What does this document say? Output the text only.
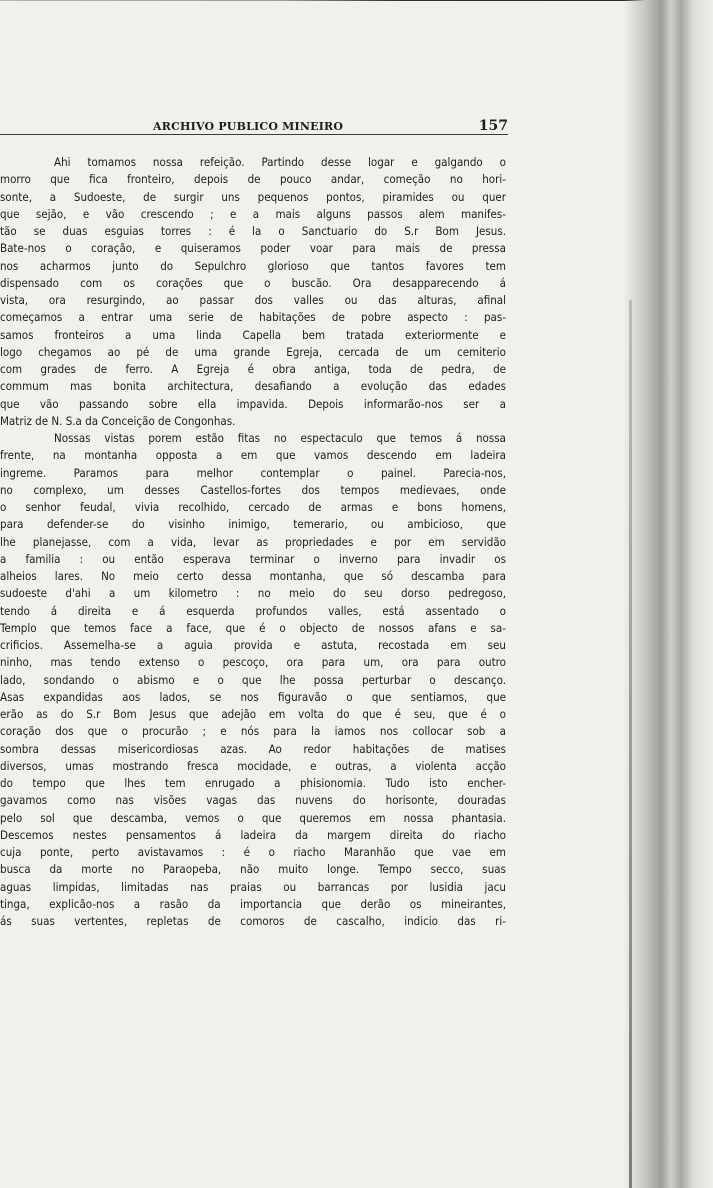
ARCHIVO PUBLICO MINEIRO	157
Ahi tomamos nossa refeição. Partindo desse logar e galgando o
morro que fica fronteiro, depois de pouco andar, começão no hori-
sonte, a Sudoeste, de surgir uns pequenos pontos, piramides ou quer
que sejão, e vão crescendo ; e a mais alguns passos alem manifes-
tão se duas esguias torres : é la o Sanctuario do S.r Bom Jesus.
Bate-nos o coração, e quiseramos poder voar para mais de pressa
nos acharmos junto do Sepulchro glorioso que tantos favores tem
dispensado com os corações que o buscão. Ora desapparecendo á
vista, ora resurgindo, ao passar dos valles ou das alturas, afinal
começamos a entrar uma serie de habitações de pobre aspecto : pas-
samos fronteiros a uma linda Capella bem tratada exteriormente e
logo chegamos ao pé de uma grande Egreja, cercada de um cemiterio
com grades de ferro. A Egreja é obra antiga, toda de pedra, de
commum mas bonita architectura, desafiando a evolução das edades
que vão passando sobre ella impavida. Depois informarão-nos ser a
Matriz de N. S.a da Conceição de Congonhas.
Nossas vistas porem estão fitas no espectaculo que temos á nossa
frente, na montanha opposta a em que vamos descendo em ladeira
ingreme. Paramos para melhor contemplar o painel. Parecia-nos,
no complexo, um desses Castellos-fortes dos tempos medievaes, onde
o senhor feudal, vivia recolhido, cercado de armas e bons homens,
para defender-se do visinho inimigo, temerario, ou ambicioso, que
lhe planejasse, com a vida, levar as propriedades e por em servidão
a familia : ou então esperava terminar o inverno para invadir os
alheios lares. No meio certo dessa montanha, que só descamba para
sudoeste d'ahi a um kilometro : no meio do seu dorso pedregoso,
tendo á direita e á esquerda profundos valles, está assentado o
Templo que temos face a face, que é o objecto de nossos afans e sa-
crificios. Assemelha-se a aguia provida e astuta, recostada em seu
ninho, mas tendo extenso o pescoço, ora para um, ora para outro
lado, sondando o abismo e o que lhe possa perturbar o descanço.
Asas expandidas aos lados, se nos figuravão o que sentiamos, que
erão as do S.r Bom Jesus que adejão em volta do que é seu, que é o
coração dos que o procurão ; e nós para la iamos nos collocar sob a
sombra dessas misericordiosas azas. Ao redor habitações de matises
diversos, umas mostrando fresca mocidade, e outras, a violenta acção
do tempo que lhes tem enrugado a phisionomia. Tudo isto encher-
gavamos como nas visões vagas das nuvens do horisonte, douradas
pelo sol que descamba, vemos o que queremos em nossa phantasia.
Descemos nestes pensamentos á ladeira da margem direita do riacho
cuja ponte, perto avistavamos : é o riacho Maranhão que vae em
busca da morte no Paraopeba, não muito longe. Tempo secco, suas
aguas limpidas, limitadas nas praias ou barrancas por lusidia jacu
tinga, explicão-nos a rasão da importancia que derão os mineirantes,
ás suas vertentes, repletas de comoros de cascalho, indicio das ri-
